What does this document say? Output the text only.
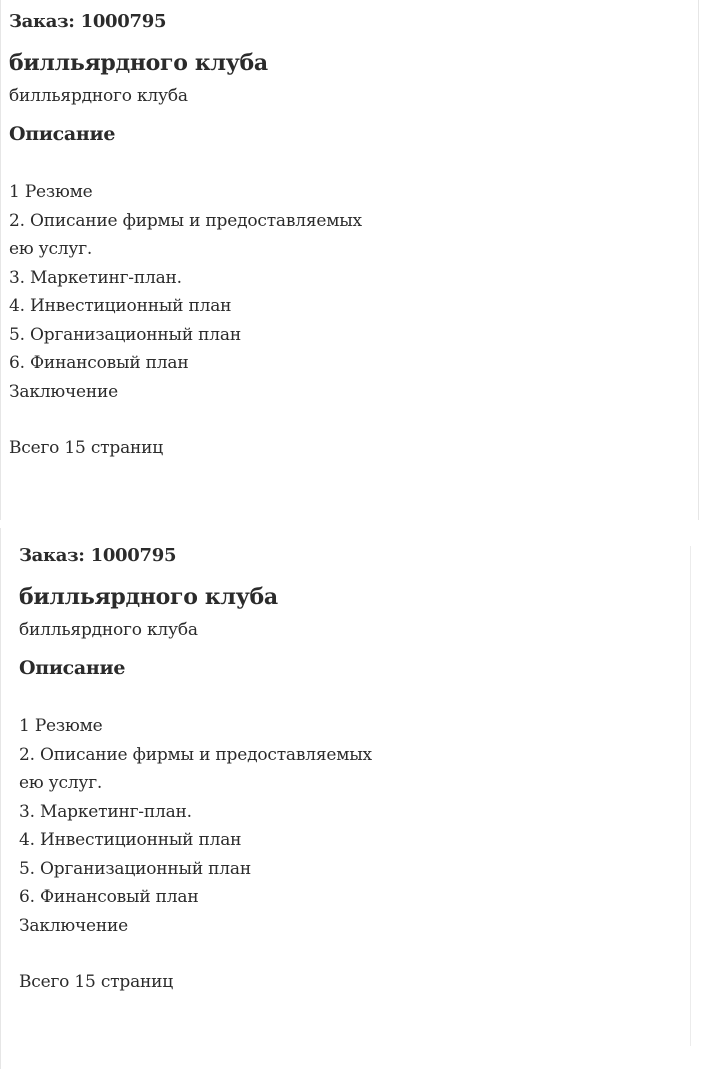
Заказ: 1000795

билльярдного клуба

билльярдного клуба

Описание

1 Резюме
2. Описание фирмы и предоставляемых
ею услуг.
3. Маркетинг-план.
4. Инвестиционный план
5. Организационный план
6. Финансовый план
Заключение

Всего 15 страниц

Заказ: 1000795

билльярдного клуба

билльярдного клуба

Описание

1 Резюме
2. Описание фирмы и предоставляемых
ею услуг.
3. Маркетинг-план.
4. Инвестиционный план
5. Организационный план
6. Финансовый план
Заключение

Всего 15 страниц
